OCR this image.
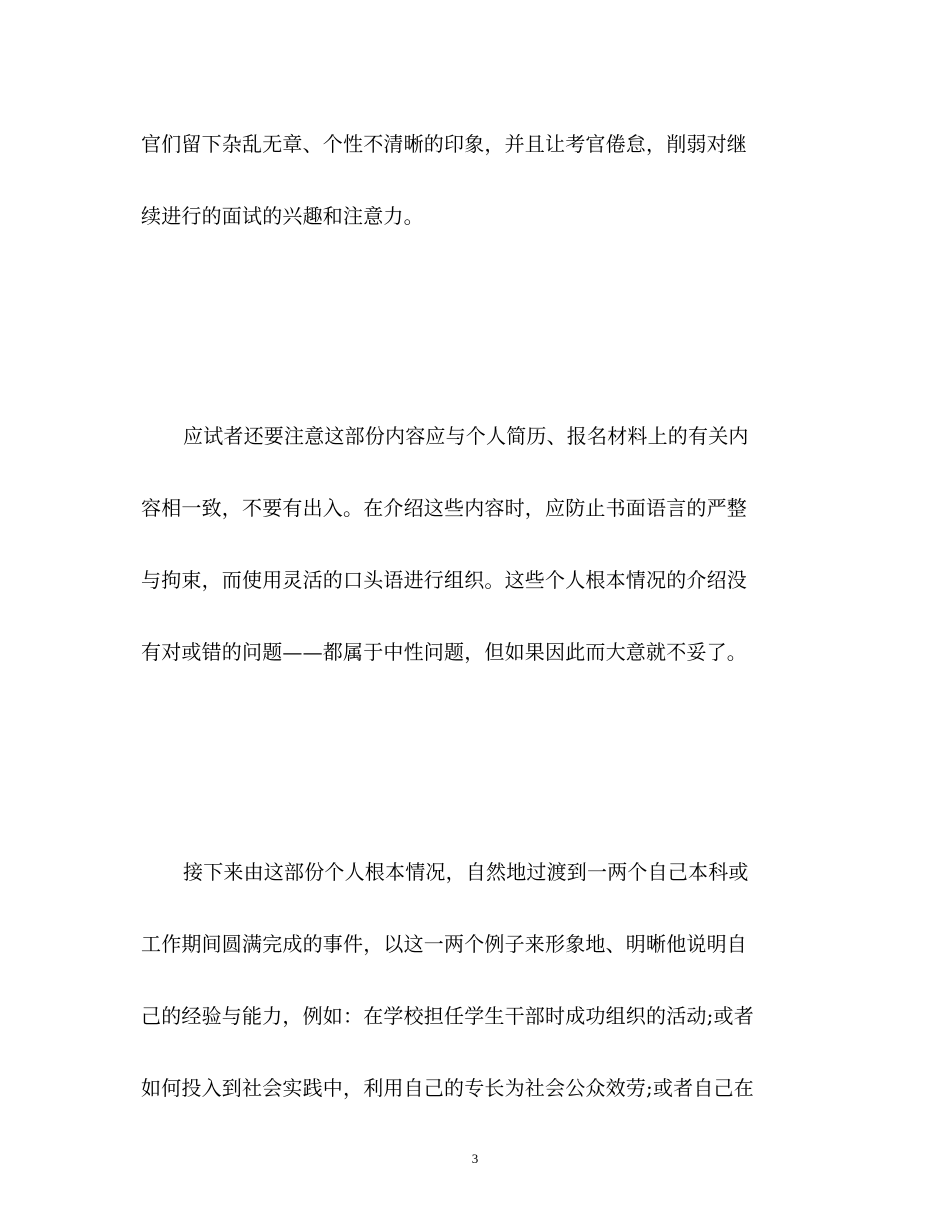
官们留下杂乱无章、个性不清晰的印象，并且让考官倦怠，削弱对继
续进行的面试的兴趣和注意力。
应试者还要注意这部份内容应与个人简历、报名材料上的有关内
容相一致，不要有出入。在介绍这些内容时，应防止书面语言的严整
与拘束，而使用灵活的口头语进行组织。这些个人根本情况的介绍没
有对或错的问题——都属于中性问题，但如果因此而大意就不妥了。
接下来由这部份个人根本情况，自然地过渡到一两个自己本科或
工作期间圆满完成的事件，以这一两个例子来形象地、明晰他说明自
己的经验与能力，例如：在学校担任学生干部时成功组织的活动;或者
如何投入到社会实践中，利用自己的专长为社会公众效劳;或者自己在
3
